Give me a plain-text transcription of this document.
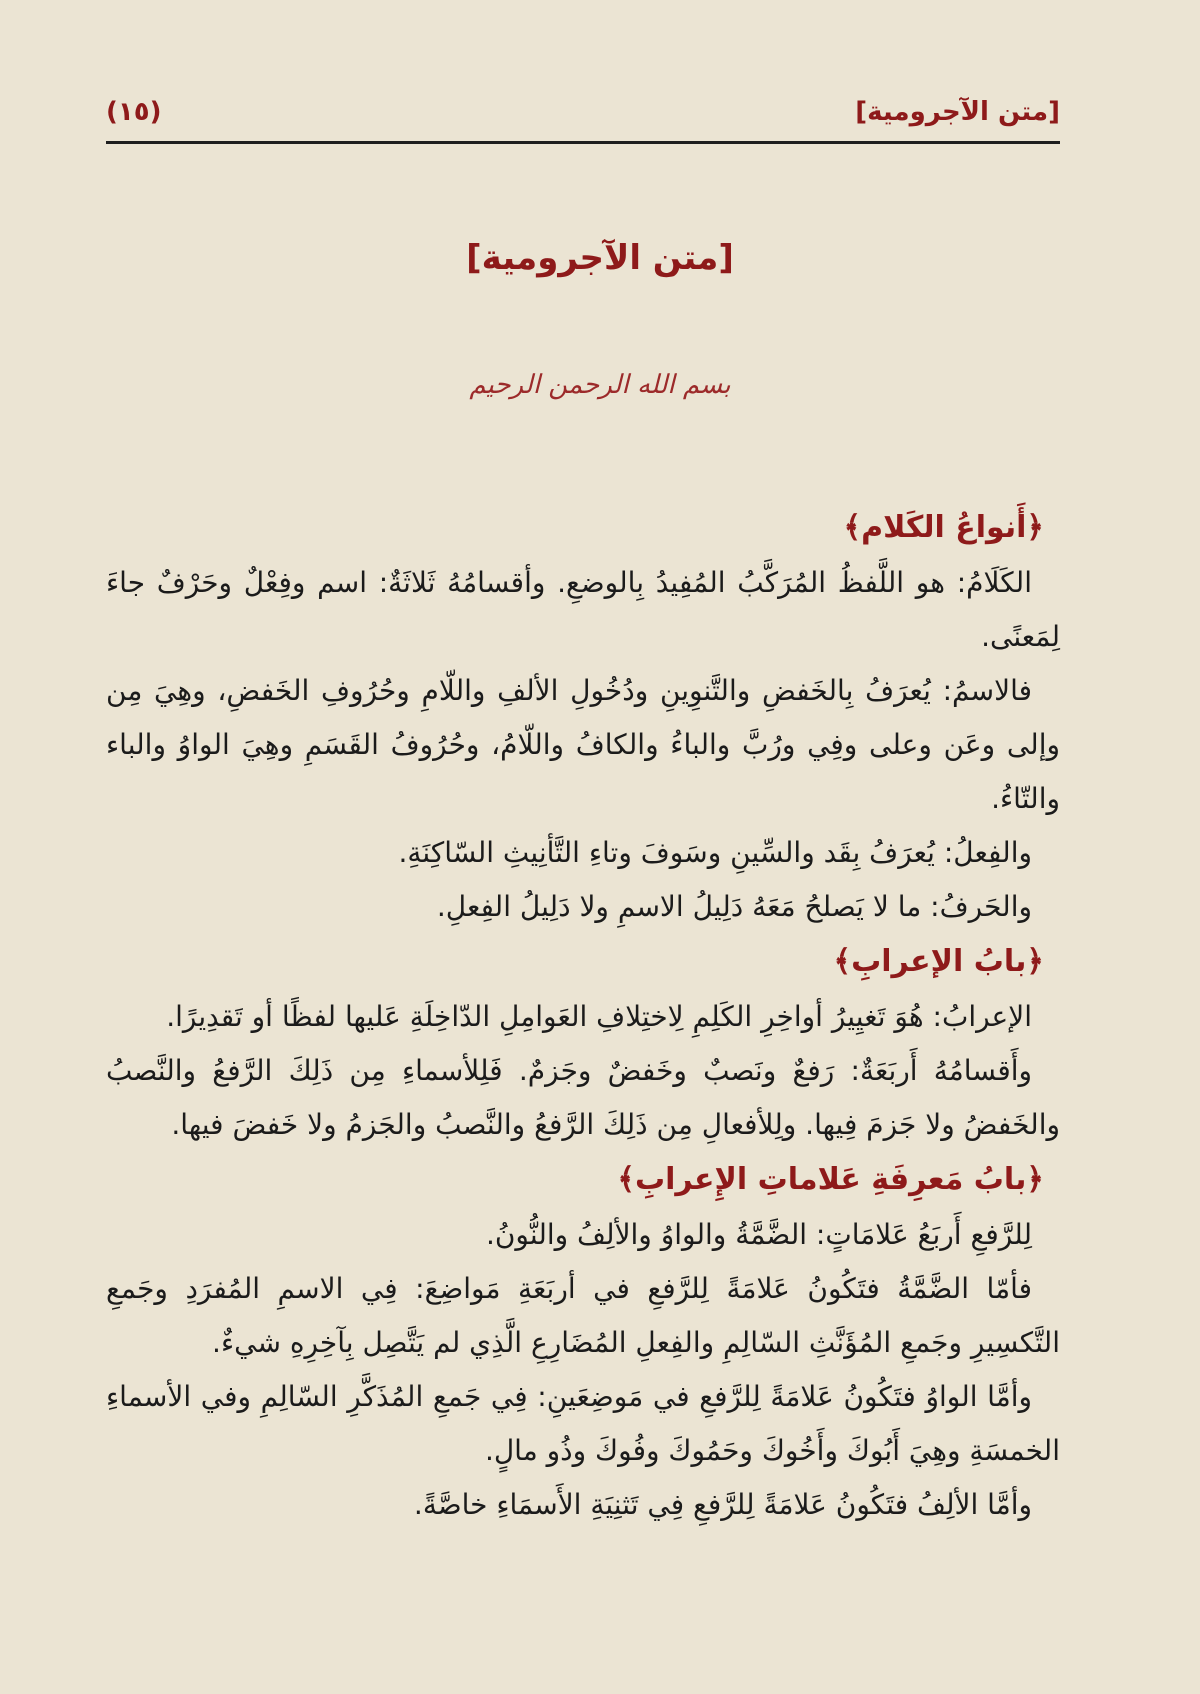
[متن الآجرومية]
(١٥)
[متن الآجرومية]
بسم الله الرحمن الرحيم
﴿أَنواعُ الكَلام﴾

الكَلَامُ: هو اللَّفظُ المُرَكَّبُ المُفِيدُ بِالوضعِ. وأقسامُهُ ثَلاثَةٌ: اسم وفِعْلٌ وحَرْفٌ جاءَ لِمَعنًى.

فالاسمُ: يُعرَفُ بِالخَفضِ والتَّنوِينِ ودُخُولِ الألفِ واللّامِ وحُرُوفِ الخَفضِ، وهِيَ مِن وإلى وعَن وعلى وفِي ورُبَّ والباءُ والكافُ واللّامُ، وحُرُوفُ القَسَمِ وهِيَ الواوُ والباء والتّاءُ.

والفِعلُ: يُعرَفُ بِقَد والسِّينِ وسَوفَ وتاءِ التَّأنِيثِ السّاكِنَةِ.

والحَرفُ: ما لا يَصلحُ مَعَهُ دَلِيلُ الاسمِ ولا دَلِيلُ الفِعلِ.

﴿بابُ الإعرابِ﴾

الإعرابُ: هُوَ تَغيِيرُ أواخِرِ الكَلِمِ لِاختِلافِ العَوامِلِ الدّاخِلَةِ عَليها لفظًا أو تَقدِيرًا.

وأَقسامُهُ أَربَعَةٌ: رَفعٌ ونَصبٌ وخَفضٌ وجَزمٌ. فَلِلأسماءِ مِن ذَلِكَ الرَّفعُ والنَّصبُ والخَفضُ ولا جَزمَ فِيها. ولِلأفعالِ مِن ذَلِكَ الرَّفعُ والنَّصبُ والجَزمُ ولا خَفضَ فيها.

﴿بابُ مَعرِفَةِ عَلاماتِ الإِعرابِ﴾

لِلرَّفعِ أَربَعُ عَلامَاتٍ: الضَّمَّةُ والواوُ والألِفُ والنُّونُ.

فأمّا الضَّمَّةُ فتَكُونُ عَلامَةً لِلرَّفعِ في أربَعَةِ مَواضِعَ: فِي الاسمِ المُفرَدِ وجَمعِ التَّكسِيرِ وجَمعِ المُؤَنَّثِ السّالِمِ والفِعلِ المُضَارِعِ الَّذِي لم يَتَّصِل بِآخِرِهِ شيءٌ.

وأمَّا الواوُ فتَكُونُ عَلامَةً لِلرَّفعِ في مَوضِعَينِ: فِي جَمعِ المُذَكَّرِ السّالِمِ وفي الأسماءِ الخمسَةِ وهِيَ أَبُوكَ وأَخُوكَ وحَمُوكَ وفُوكَ وذُو مالٍ.

وأمَّا الألِفُ فتَكُونُ عَلامَةً لِلرَّفعِ فِي تَثنِيَةِ الأَسمَاءِ خاصَّةً.
